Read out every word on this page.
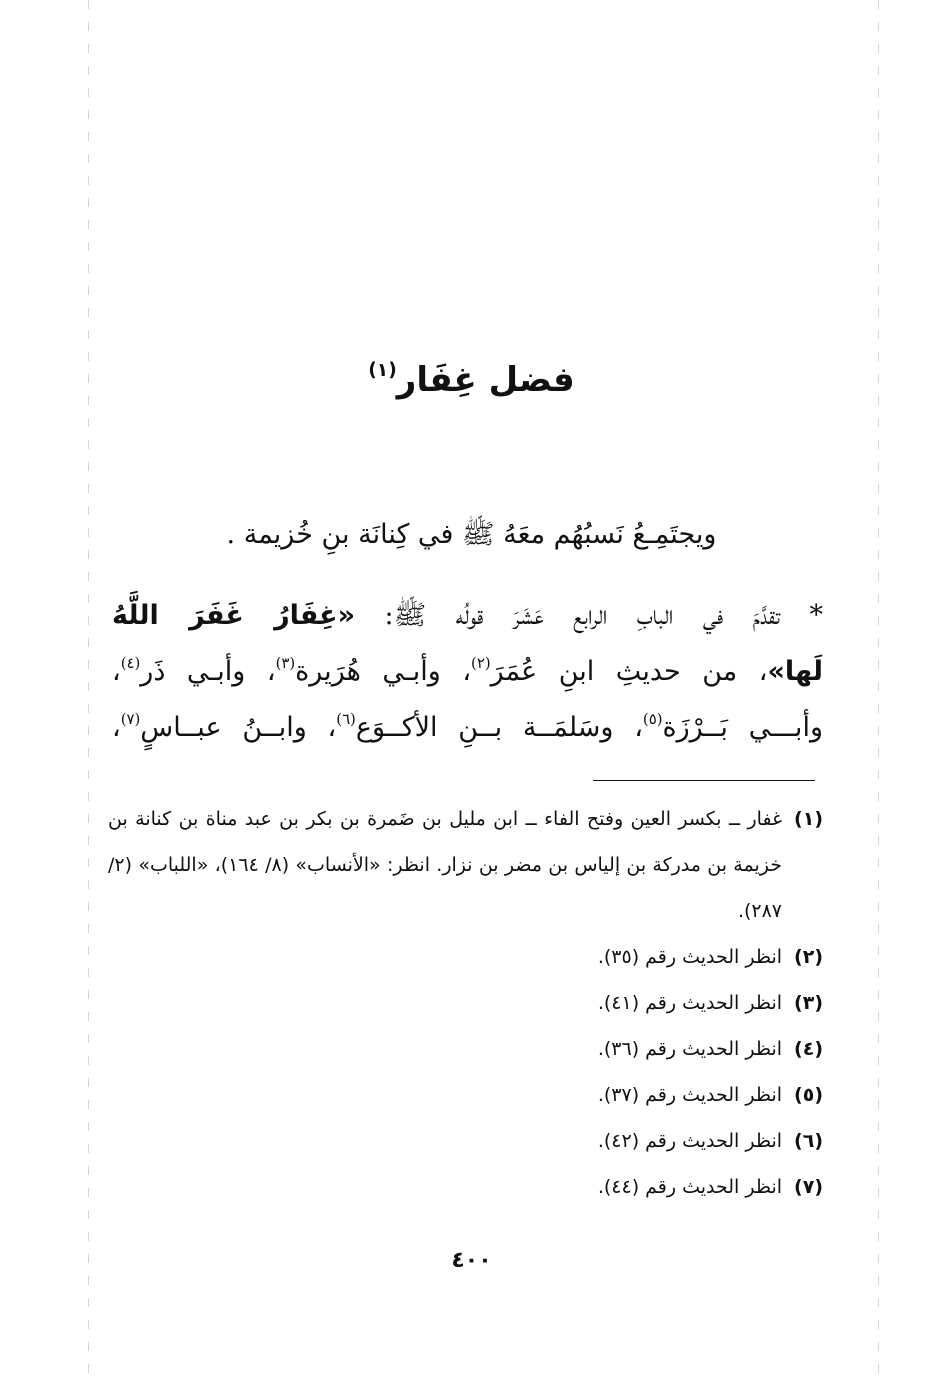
فضل غِفَار$^{(١)}$

ويجتَمِـعُ نَسبُهُم معَهُ ﷺ في كِنانَة بنِ خُزيمة .

* تقدَّمَ في البابِ الرابع عَشَرَ قولُه ﷺ: «غِفَارُ غَفَرَ اللَّهُ
لَها»، من حديثِ ابنِ عُمَرَ$^{(٢)}$، وأبـي هُرَيرة$^{(٣)}$، وأبـي ذَر$^{(٤)}$،
وأبـــي بَــرْزَة$^{(٥)}$، وسَلمَــة بــنِ الأكــوَع$^{(٦)}$، وابــنُ عبــاسٍ$^{(٧)}$،
(١)
غفار ــ بكسر العين وفتح الفاء ــ ابن مليل بن ضَمرة بن بكر بن عبد مناة بن كنانة بن خزيمة بن مدركة بن إلياس بن مضر بن نزار. انظر: «الأنساب» (٨/ ١٦٤)، «اللباب» (٢/ ٢٨٧).
(٢)
انظر الحديث رقم (٣٥).
(٣)
انظر الحديث رقم (٤١).
(٤)
انظر الحديث رقم (٣٦).
(٥)
انظر الحديث رقم (٣٧).
(٦)
انظر الحديث رقم (٤٢).
(٧)
انظر الحديث رقم (٤٤).
٤٠٠
